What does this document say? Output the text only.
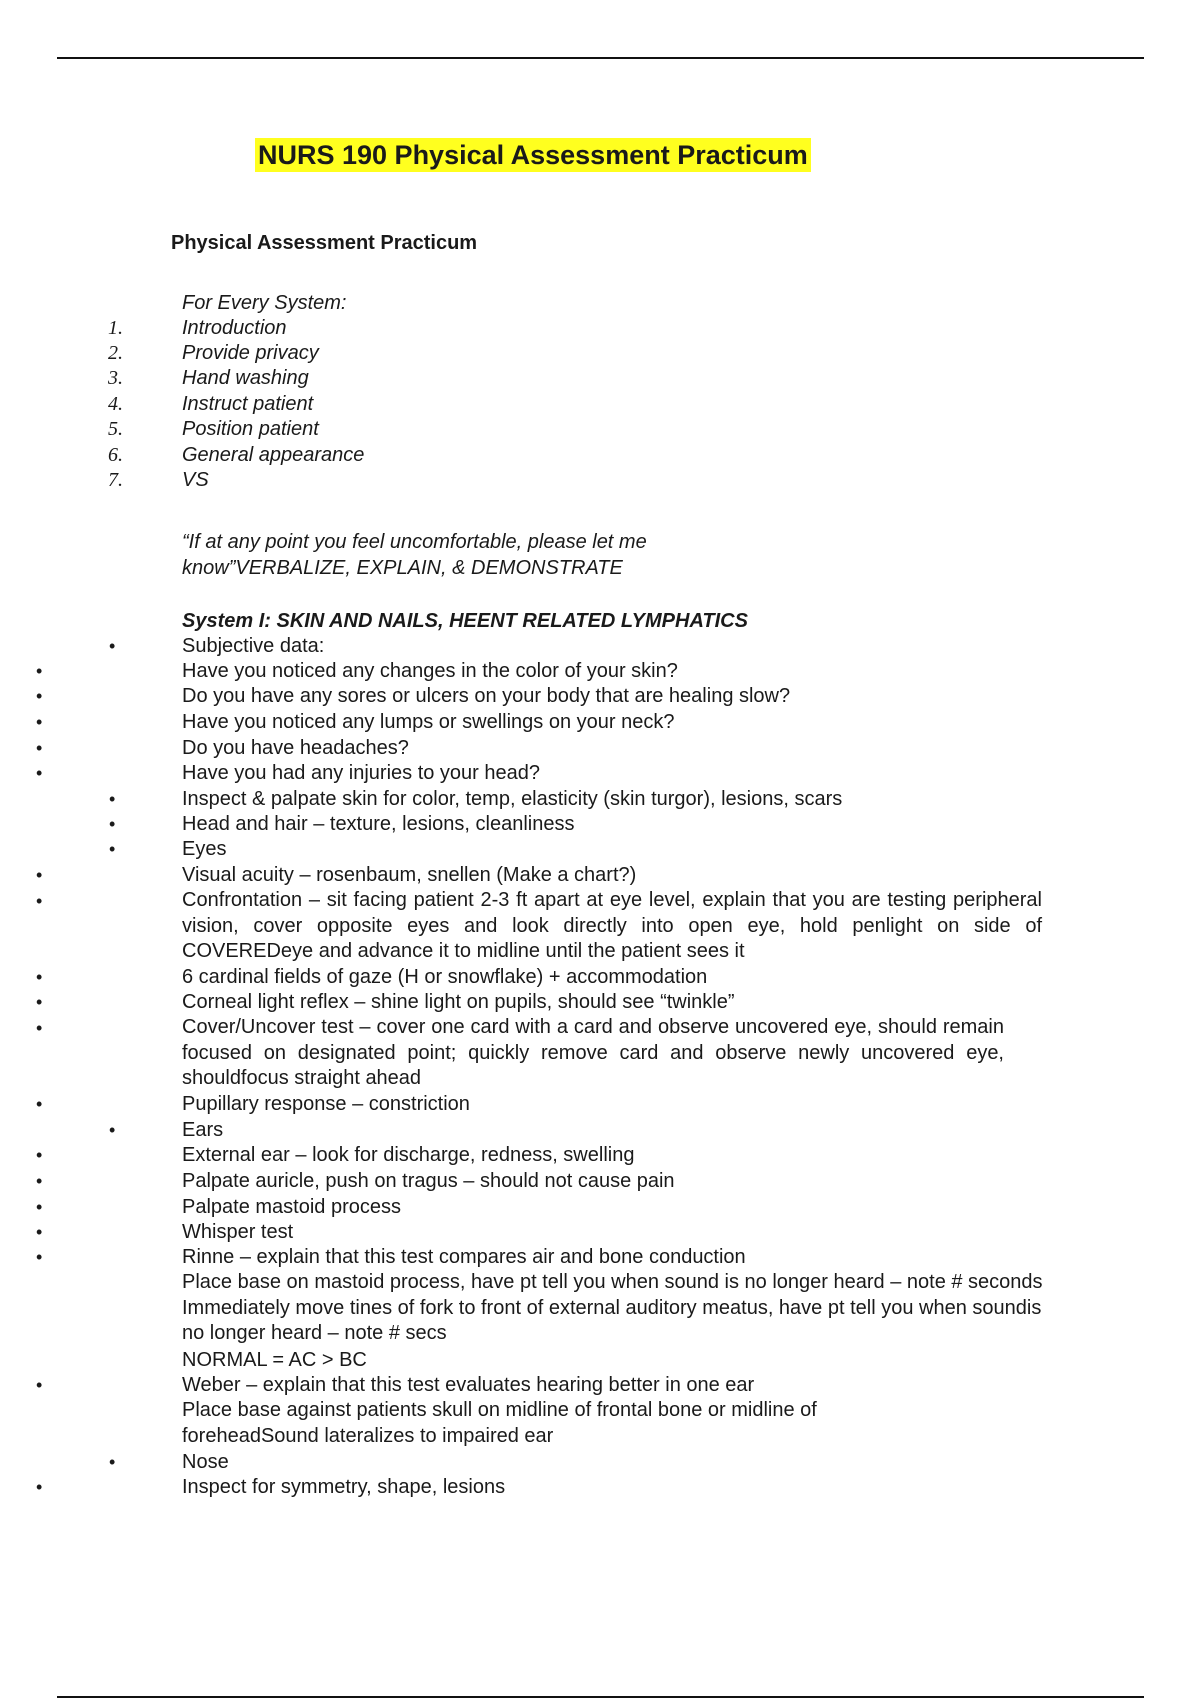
NURS 190 Physical Assessment Practicum
Physical Assessment Practicum
For Every System:
1.	Introduction
2.	Provide privacy
3.	Hand washing
4.	Instruct patient
5.	Position patient
6.	General appearance
7.	VS
“If at any point you feel uncomfortable, please let me
know”VERBALIZE, EXPLAIN, & DEMONSTRATE
System I: SKIN AND NAILS, HEENT RELATED LYMPHATICS
•	Subjective data:
•	Have you noticed any changes in the color of your skin?
•	Do you have any sores or ulcers on your body that are healing slow?
•	Have you noticed any lumps or swellings on your neck?
•	Do you have headaches?
•	Have you had any injuries to your head?
•	Inspect & palpate skin for color, temp, elasticity (skin turgor), lesions, scars
•	Head and hair – texture, lesions, cleanliness
•	Eyes
•	Visual acuity – rosenbaum, snellen (Make a chart?)
•	Confrontation – sit facing patient 2-3 ft apart at eye level, explain that you are testing peripheral vision, cover opposite eyes and look directly into open eye, hold penlight on side of COVEREDeye and advance it to midline until the patient sees it
•	6 cardinal fields of gaze (H or snowflake) + accommodation
•	Corneal light reflex – shine light on pupils, should see “twinkle”
•	Cover/Uncover test – cover one card with a card and observe uncovered eye, should remain focused on designated point; quickly remove card and observe newly uncovered eye, shouldfocus straight ahead
•	Pupillary response – constriction
•	Ears
•	External ear – look for discharge, redness, swelling
•	Palpate auricle, push on tragus – should not cause pain
•	Palpate mastoid process
•	Whisper test
•	Rinne – explain that this test compares air and bone conduction
Place base on mastoid process, have pt tell you when sound is no longer heard – note # seconds Immediately move tines of fork to front of external auditory meatus, have pt tell you when soundis no longer heard – note # secs
NORMAL = AC > BC
•	Weber – explain that this test evaluates hearing better in one ear
Place base against patients skull on midline of frontal bone or midline of foreheadSound lateralizes to impaired ear
•	Nose
•	Inspect for symmetry, shape, lesions
